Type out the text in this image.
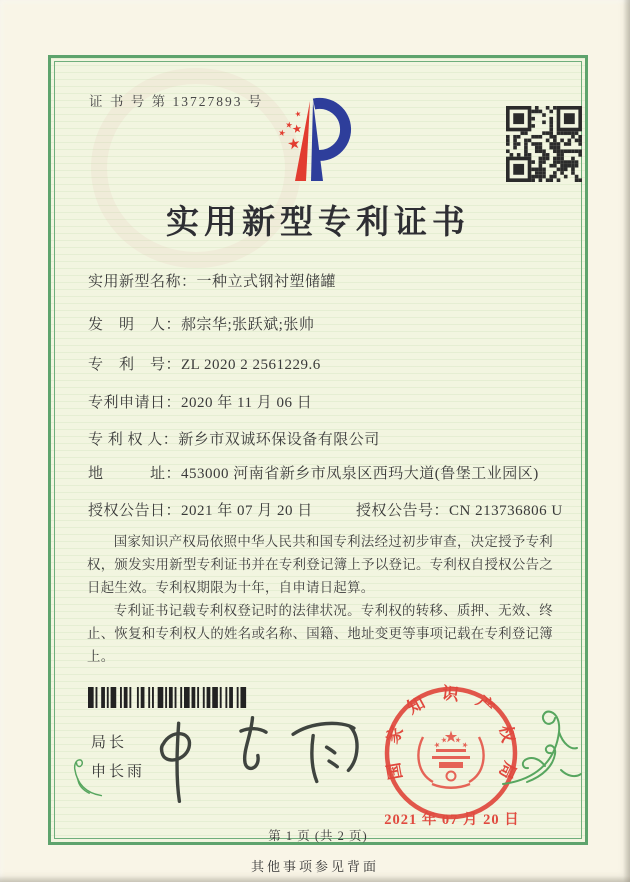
证 书 号 第 13727893 号
实用新型专利证书
实用新型名称：一种立式钢衬塑储罐
发　明　人：郝宗华;张跃斌;张帅
专　利　号：ZL 2020 2 2561229.6
专利申请日：2020 年 11 月 06 日
专 利 权 人：新乡市双诚环保设备有限公司
地　　　址：453000 河南省新乡市凤泉区西玛大道(鲁堡工业园区)
授权公告日：2021 年 07 月 20 日	授权公告号：CN 213736806 U

国家知识产权局依照中华人民共和国专利法经过初步审查，决定授予专利权，颁发实用新型专利证书并在专利登记簿上予以登记。专利权自授权公告之日起生效。专利权期限为十年，自申请日起算。

专利证书记载专利权登记时的法律状况。专利权的转移、质押、无效、终止、恢复和专利权人的姓名或名称、国籍、地址变更等事项记载在专利登记簿上。

局长
申长雨	国家知识产权局
2021 年 07 月 20 日
第 1 页 (共 2 页)
其他事项参见背面
